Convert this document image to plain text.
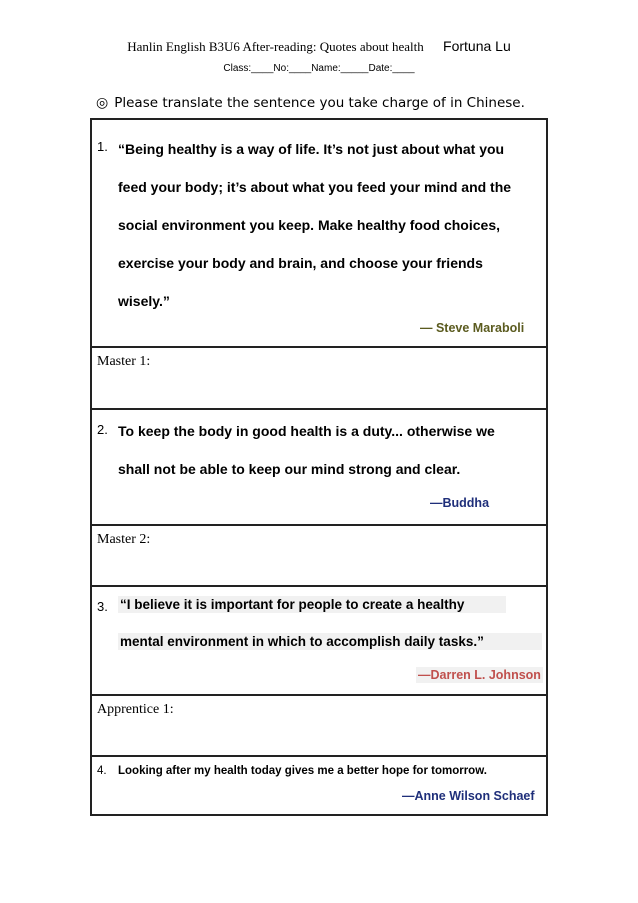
Hanlin English B3U6 After-reading: Quotes about health Fortuna Lu
Class:____No:____Name:_____Date:____
◎ Please translate the sentence you take charge of in Chinese.
1. “Being healthy is a way of life. It’s not just about what you
feed your body; it’s about what you feed your mind and the
social environment you keep. Make healthy food choices,
exercise your body and brain, and choose your friends
wisely.”
— Steve Maraboli
Master 1:
2. To keep the body in good health is a duty... otherwise we
shall not be able to keep our mind strong and clear.
—Buddha
Master 2:
3. “I believe it is important for people to create a healthy
mental environment in which to accomplish daily tasks.”
—Darren L. Johnson
Apprentice 1:
4. Looking after my health today gives me a better hope for tomorrow.
—Anne Wilson Schaef
